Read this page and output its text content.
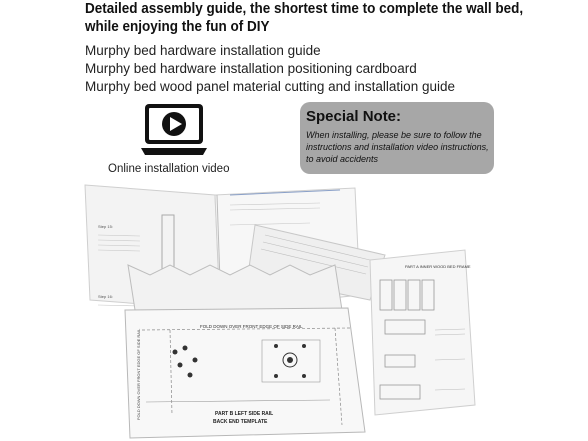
Detailed assembly guide, the shortest time to complete the wall bed,
while enjoying the fun of DIY
Murphy bed hardware installation guide
Murphy bed hardware installation positioning cardboard
Murphy bed wood panel material cutting and installation guide
Online installation video
Special Note:
When installing, please be sure to follow the instructions and installation video instructions, to avoid accidents
Step 15:
Step 16:
PART A INNER WOOD BED FRAME
FOLD DOWN OVER FRONT EDGE OF SIDE RAIL
PART B LEFT SIDE RAIL
BACK END TEMPLATE
FOLD DOWN OVER FRONT EDGE OF SIDE RAIL
